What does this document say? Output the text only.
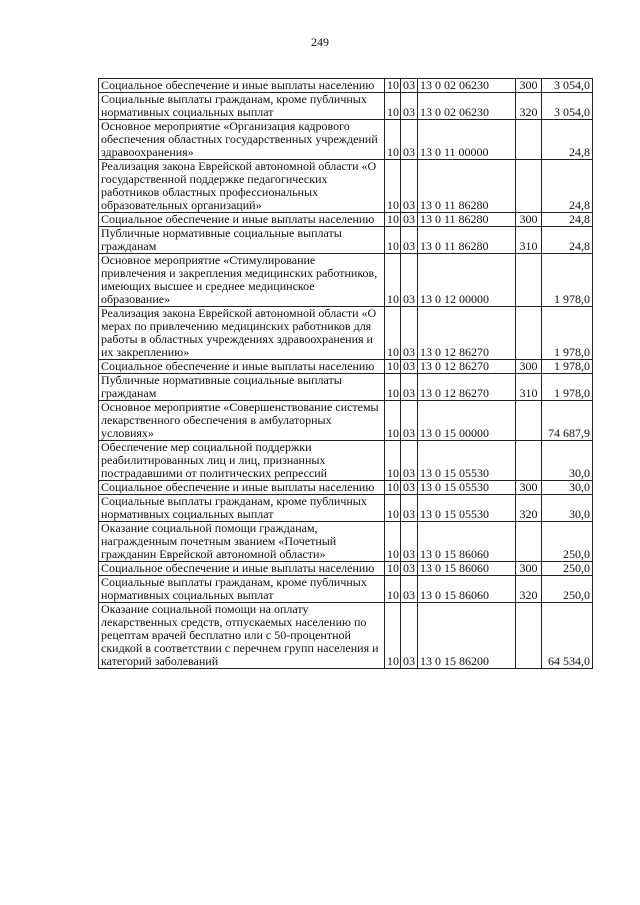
249
Социальное обеспечение и иные выплаты населению	10	03	13 0 02 06230	300	3 054,0
Социальные выплаты гражданам, кроме публичных нормативных социальных выплат	10	03	13 0 02 06230	320	3 054,0
Основное мероприятие «Организация кадрового обеспечения областных государственных учреждений здравоохранения»	10	03	13 0 11 00000		24,8
Реализация закона Еврейской автономной области «О государственной поддержке педагогических работников областных профессиональных образовательных организаций»	10	03	13 0 11 86280		24,8
Социальное обеспечение и иные выплаты населению	10	03	13 0 11 86280	300	24,8
Публичные нормативные социальные выплаты гражданам	10	03	13 0 11 86280	310	24,8
Основное мероприятие «Стимулирование привлечения и закрепления медицинских работников, имеющих высшее и среднее медицинское образование»	10	03	13 0 12 00000		1 978,0
Реализация закона Еврейской автономной области «О мерах по привлечению медицинских работников для работы в областных учреждениях здравоохранения и их закреплению»	10	03	13 0 12 86270		1 978,0
Социальное обеспечение и иные выплаты населению	10	03	13 0 12 86270	300	1 978,0
Публичные нормативные социальные выплаты гражданам	10	03	13 0 12 86270	310	1 978,0
Основное мероприятие «Совершенствование системы лекарственного обеспечения в амбулаторных условиях»	10	03	13 0 15 00000		74 687,9
Обеспечение мер социальной поддержки реабилитированных лиц и лиц, признанных пострадавшими от политических репрессий	10	03	13 0 15 05530		30,0
Социальное обеспечение и иные выплаты населению	10	03	13 0 15 05530	300	30,0
Социальные выплаты гражданам, кроме публичных нормативных социальных выплат	10	03	13 0 15 05530	320	30,0
Оказание социальной помощи гражданам, награжденным почетным званием «Почетный гражданин Еврейской автономной области»	10	03	13 0 15 86060		250,0
Социальное обеспечение и иные выплаты населению	10	03	13 0 15 86060	300	250,0
Социальные выплаты гражданам, кроме публичных нормативных социальных выплат	10	03	13 0 15 86060	320	250,0
Оказание социальной помощи на оплату лекарственных средств, отпускаемых населению по рецептам врачей бесплатно или с 50-процентной скидкой в соответствии с перечнем групп населения и категорий заболеваний	10	03	13 0 15 86200		64 534,0
